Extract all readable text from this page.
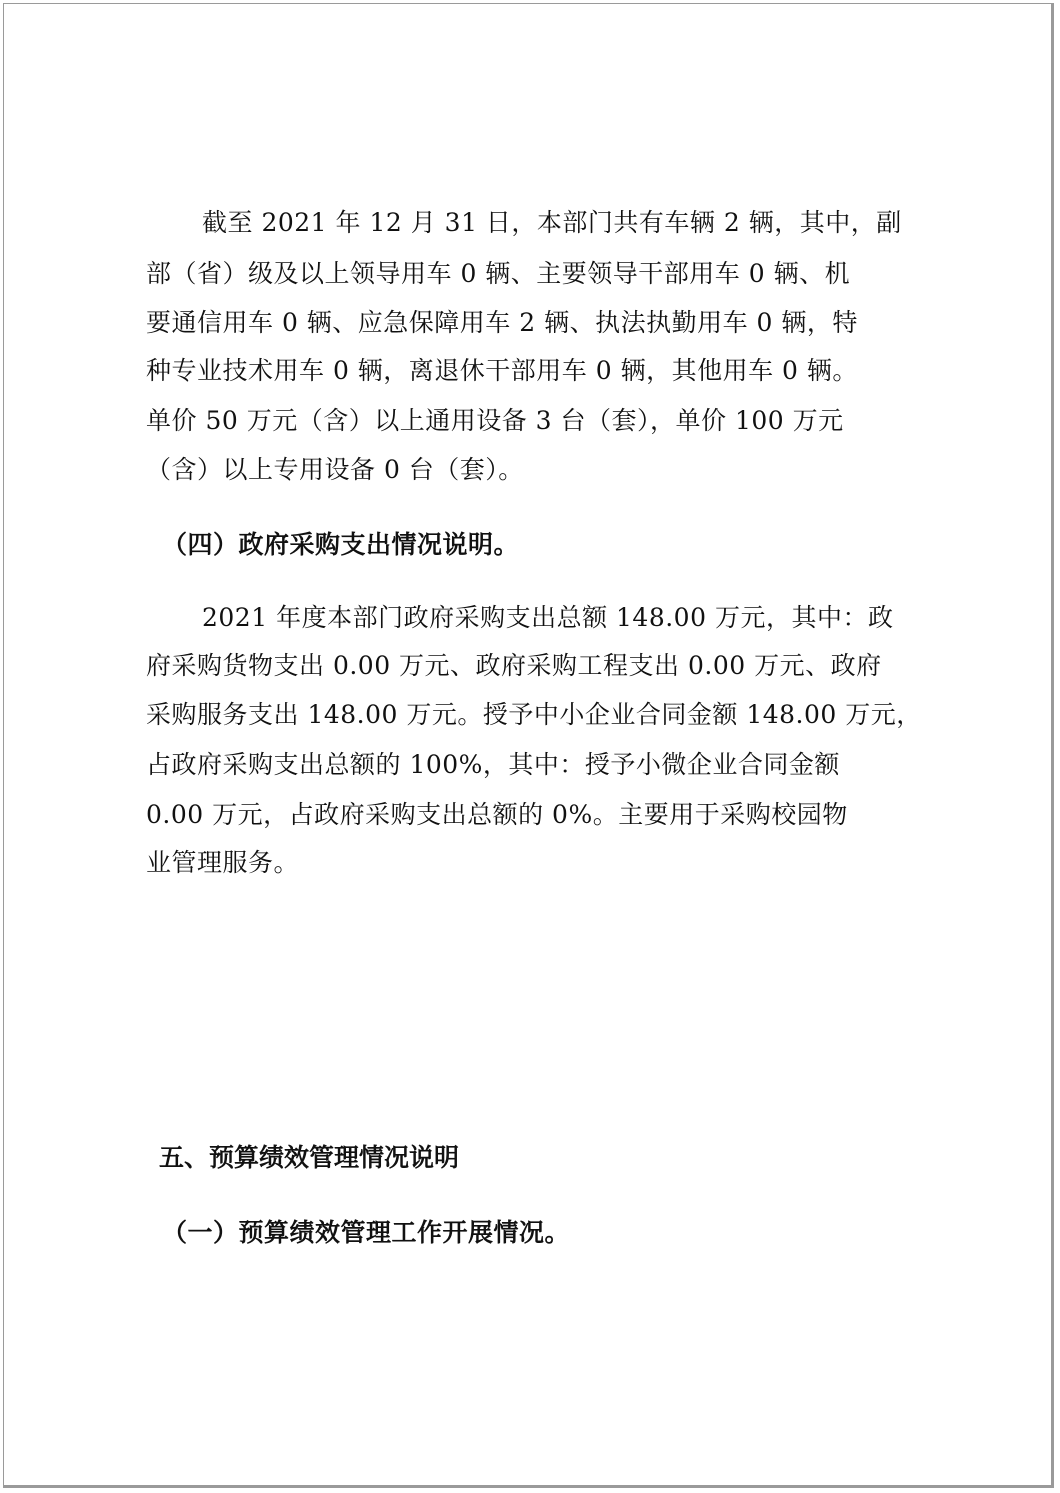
截至 2021 年 12 月 31 日，本部门共有车辆 2 辆，其中，副

部（省）级及以上领导用车 0 辆、主要领导干部用车 0 辆、机

要通信用车 0 辆、应急保障用车 2 辆、执法执勤用车 0 辆，特

种专业技术用车 0 辆，离退休干部用车 0 辆，其他用车 0 辆。

单价 50 万元（含）以上通用设备 3 台（套），单价 100 万元

（含）以上专用设备 0 台（套）。

（四）政府采购支出情况说明。

2021 年度本部门政府采购支出总额 148.00 万元，其中：政

府采购货物支出 0.00 万元、政府采购工程支出 0.00 万元、政府

采购服务支出 148.00 万元。授予中小企业合同金额 148.00 万元，

占政府采购支出总额的 100%，其中：授予小微企业合同金额

0.00 万元，占政府采购支出总额的 0%。主要用于采购校园物

业管理服务。

五、预算绩效管理情况说明

（一）预算绩效管理工作开展情况。
